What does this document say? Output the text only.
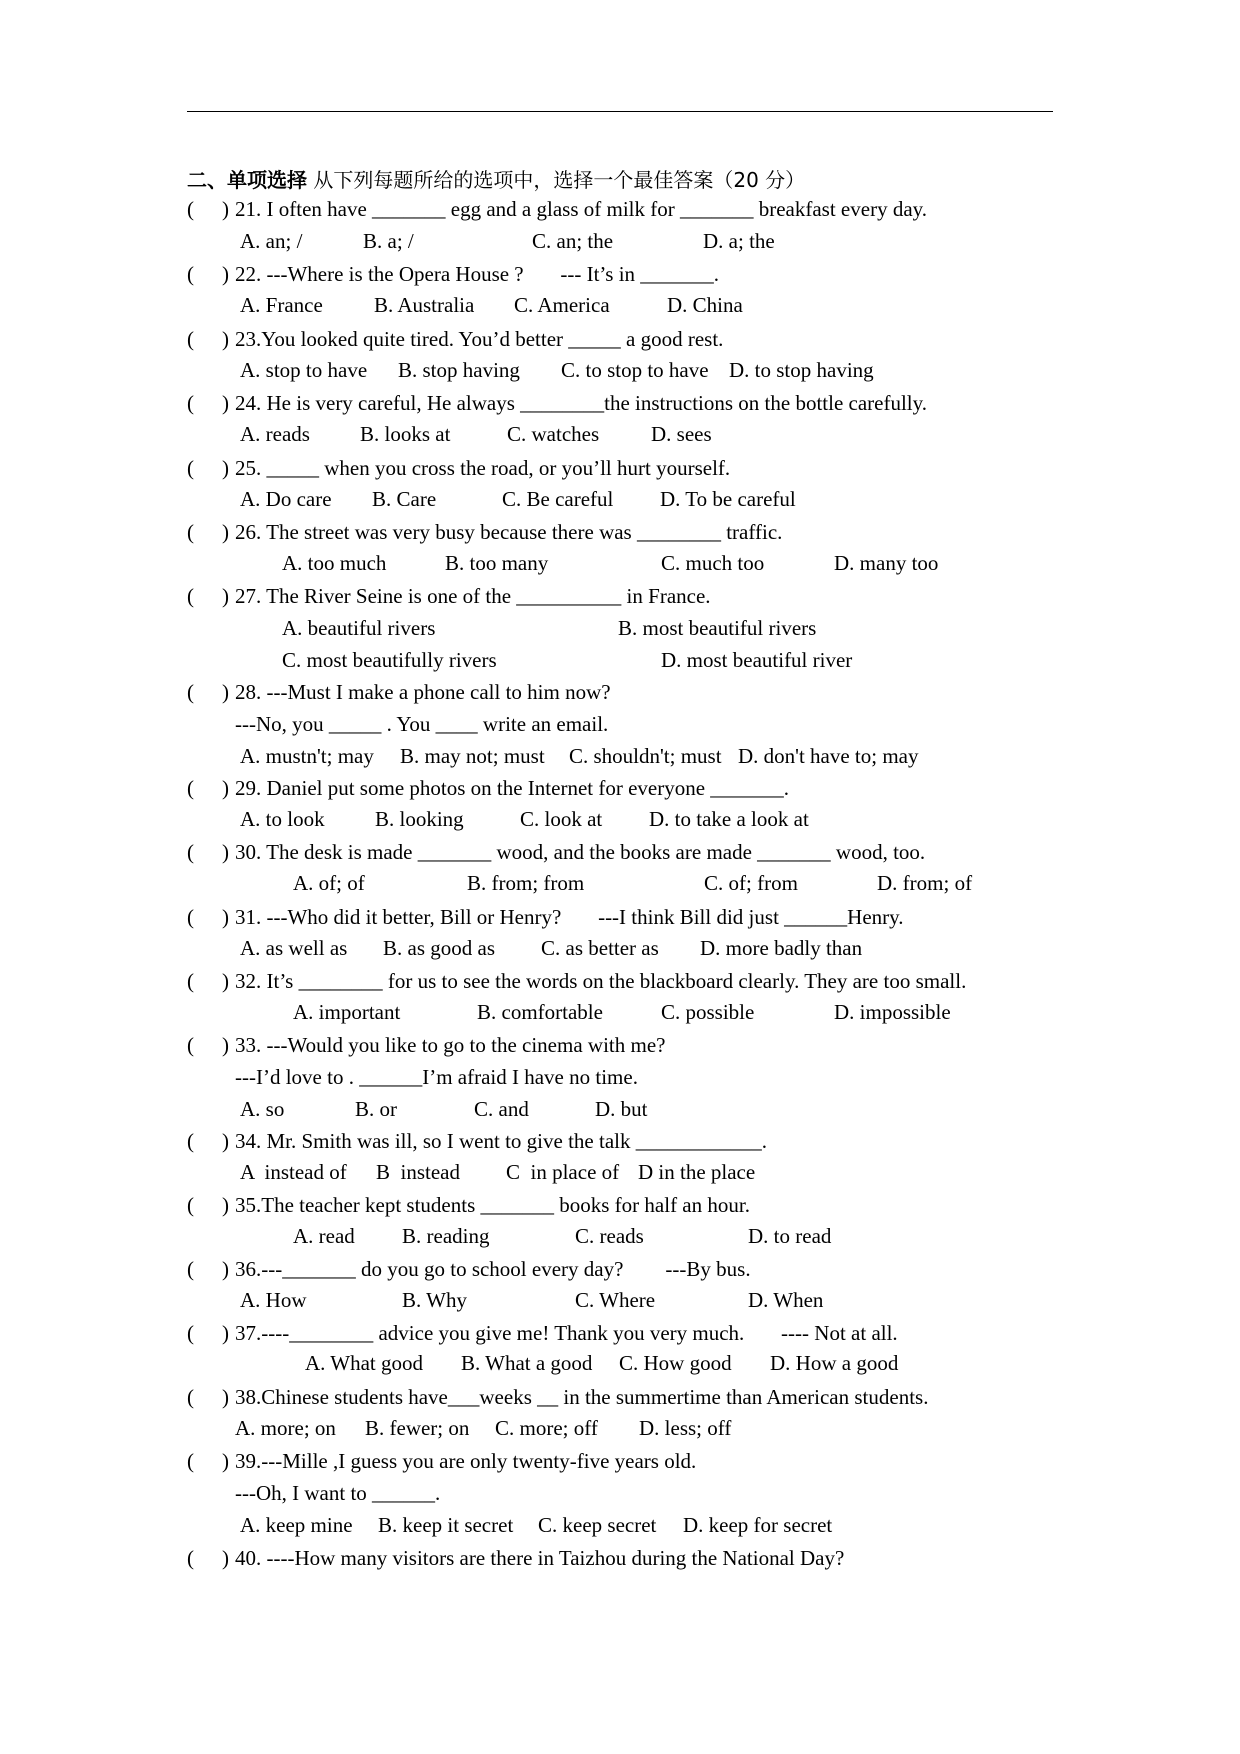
二、单项选择 从下列每题所给的选项中，选择一个最佳答案（20 分）
( ) 21. I often have _______ egg and a glass of milk for _______ breakfast every day.
A. an; /	B. a; /	C. an; the	D. a; the
( ) 22. ---Where is the Opera House ?       --- It’s in _______.
A. France B. Australia C. America	D. China
( ) 23.You looked quite tired. You’d better _____ a good rest.
A. stop to have B. stop having C. to stop to have D. to stop having
( ) 24. He is very careful, He always ________the instructions on the bottle carefully.
A. reads B. looks at	C. watches D. sees
( ) 25. _____ when you cross the road, or you’ll hurt yourself.
A. Do care B. Care	C. Be careful D. To be careful
( ) 26. The street was very busy because there was ________ traffic.
A. too much	B. too many	C. much too	D. many too
( ) 27. The River Seine is one of the __________ in France.
A. beautiful rivers	B. most beautiful rivers
C. most beautifully rivers	D. most beautiful river
( ) 28. ---Must I make a phone call to him now?
---No, you _____ . You ____ write an email.
A. mustn't; may B. may not; must C. shouldn't; must D. don't have to; may
( ) 29. Daniel put some photos on the Internet for everyone _______.
A. to look B. looking	C. look at D. to take a look at
( ) 30. The desk is made _______ wood, and the books are made _______ wood, too.
A. of; of	B. from; from	C. of; from	D. from; of
( ) 31. ---Who did it better, Bill or Henry?       ---I think Bill did just ______Henry.
A. as well as B. as good as C. as better as D. more badly than
( ) 32. It’s ________ for us to see the words on the blackboard clearly. They are too small.
A. important	B. comfortable	C. possible	D. impossible
( ) 33. ---Would you like to go to the cinema with me?
---I’d love to . ______I’m afraid I have no time.
A. so	B. or	C. and	D. but
( ) 34. Mr. Smith was ill, so I went to give the talk ____________.
A  instead of B  instead C  in place of D in the place
( ) 35.The teacher kept students _______ books for half an hour.
A. read B. reading	C. reads	D. to read
( ) 36.---_______ do you go to school every day?        ---By bus.
A. How	B. Why	C. Where	D. When
( ) 37.----________ advice you give me! Thank you very much.       ---- Not at all.
A. What good B. What a good C. How good D. How a good
( ) 38.Chinese students have___weeks __ in the summertime than American students.
A. more; on B. fewer; on C. more; off D. less; off
( ) 39.---Mille ,I guess you are only twenty-five years old.
---Oh, I want to ______.
A. keep mine B. keep it secret C. keep secret D. keep for secret
( ) 40. ----How many visitors are there in Taizhou during the National Day?
